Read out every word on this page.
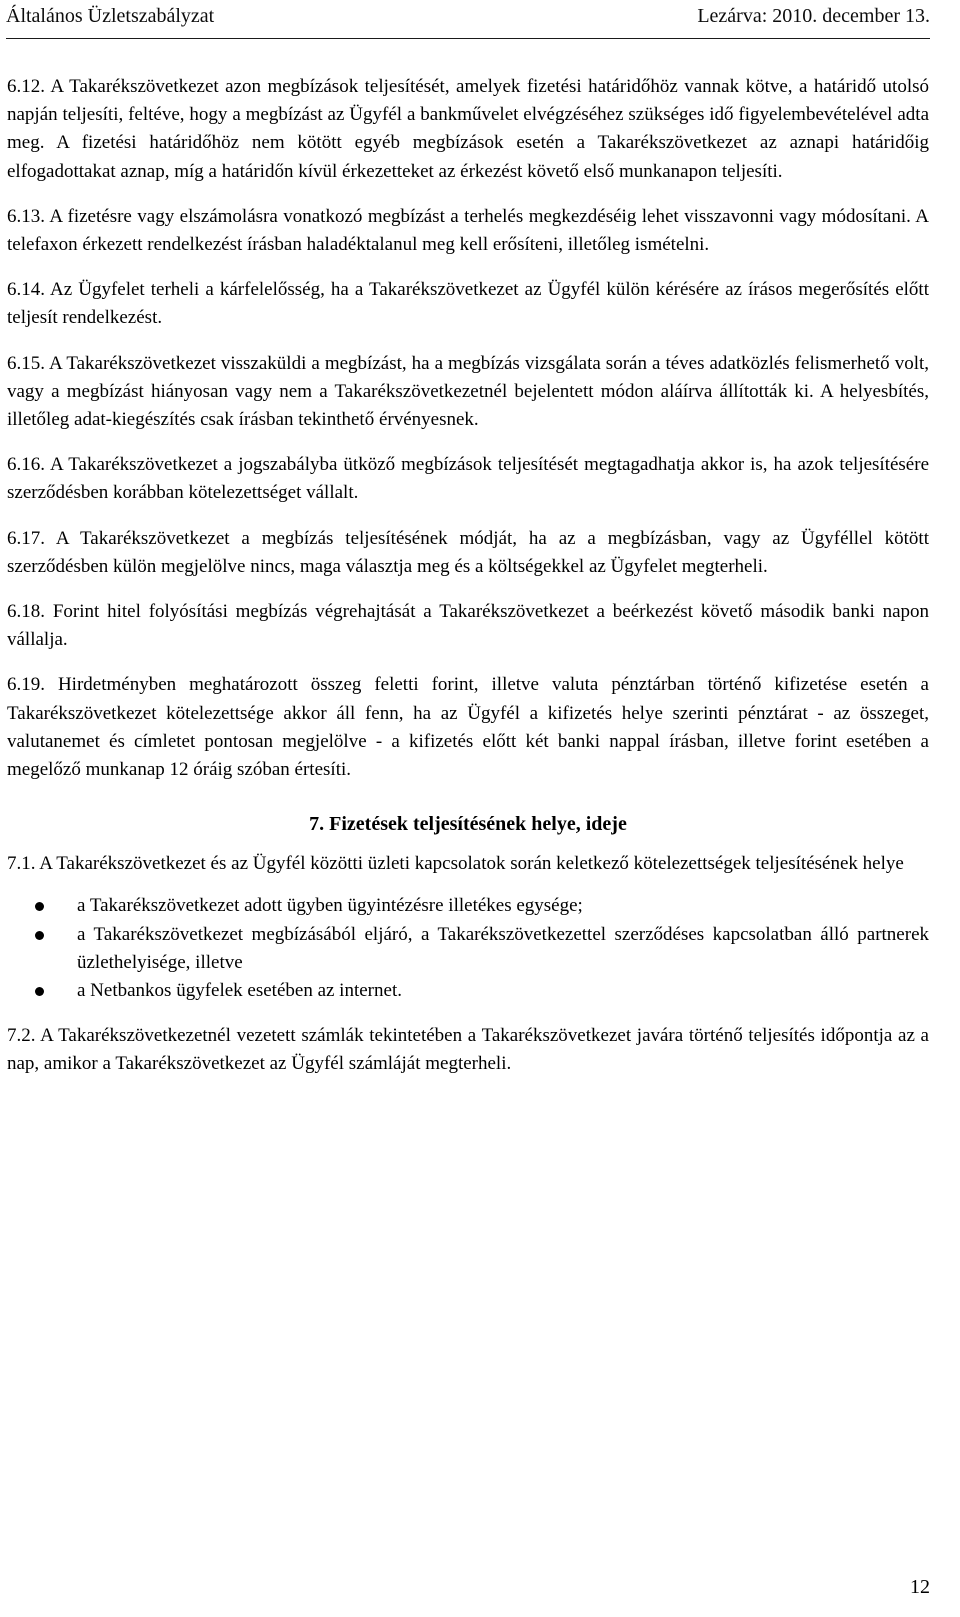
Általános Üzletszabályzat	Lezárva: 2010. december 13.

6.12. A Takarékszövetkezet azon megbízások teljesítését, amelyek fizetési határidőhöz vannak kötve, a határidő utolsó napján teljesíti, feltéve, hogy a megbízást az Ügyfél a bankművelet elvégzéséhez szükséges idő figyelembevételével adta meg. A fizetési határidőhöz nem kötött egyéb megbízások esetén a Takarékszövetkezet az aznapi határidőig elfogadottakat aznap, míg a határidőn kívül érkezetteket az érkezést követő első munkanapon teljesíti.

6.13. A fizetésre vagy elszámolásra vonatkozó megbízást a terhelés megkezdéséig lehet visszavonni vagy módosítani. A telefaxon érkezett rendelkezést írásban haladéktalanul meg kell erősíteni, illetőleg ismételni.

6.14. Az Ügyfelet terheli a kárfelelősség, ha a Takarékszövetkezet az Ügyfél külön kérésére az írásos megerősítés előtt teljesít rendelkezést.

6.15. A Takarékszövetkezet visszaküldi a megbízást, ha a megbízás vizsgálata során a téves adatközlés felismerhető volt, vagy a megbízást hiányosan vagy nem a Takarékszövetkezetnél bejelentett módon aláírva állították ki. A helyesbítés, illetőleg adat-kiegészítés csak írásban tekinthető érvényesnek.

6.16. A Takarékszövetkezet a jogszabályba ütköző megbízások teljesítését megtagadhatja akkor is, ha azok teljesítésére szerződésben korábban kötelezettséget vállalt.

6.17. A Takarékszövetkezet a megbízás teljesítésének módját, ha az a megbízásban, vagy az Ügyféllel kötött szerződésben külön megjelölve nincs, maga választja meg és a költségekkel az Ügyfelet megterheli.

6.18. Forint hitel folyósítási megbízás végrehajtását a Takarékszövetkezet a beérkezést követő második banki napon vállalja.

6.19. Hirdetményben meghatározott összeg feletti forint, illetve valuta pénztárban történő kifizetése esetén a Takarékszövetkezet kötelezettsége akkor áll fenn, ha az Ügyfél a kifizetés helye szerinti pénztárat - az összeget, valutanemet és címletet pontosan megjelölve - a kifizetés előtt két banki nappal írásban, illetve forint esetében a megelőző munkanap 12 óráig szóban értesíti.

7. Fizetések teljesítésének helye, ideje

7.1. A Takarékszövetkezet és az Ügyfél közötti üzleti kapcsolatok során keletkező kötelezettségek teljesítésének helye

a Takarékszövetkezet adott ügyben ügyintézésre illetékes egysége;
a Takarékszövetkezet megbízásából eljáró, a Takarékszövetkezettel szerződéses kapcsolatban álló partnerek üzlethelyisége, illetve
a Netbankos ügyfelek esetében az internet.

7.2. A Takarékszövetkezetnél vezetett számlák tekintetében a Takarékszövetkezet javára történő teljesítés időpontja az a nap, amikor a Takarékszövetkezet az Ügyfél számláját megterheli.

12
